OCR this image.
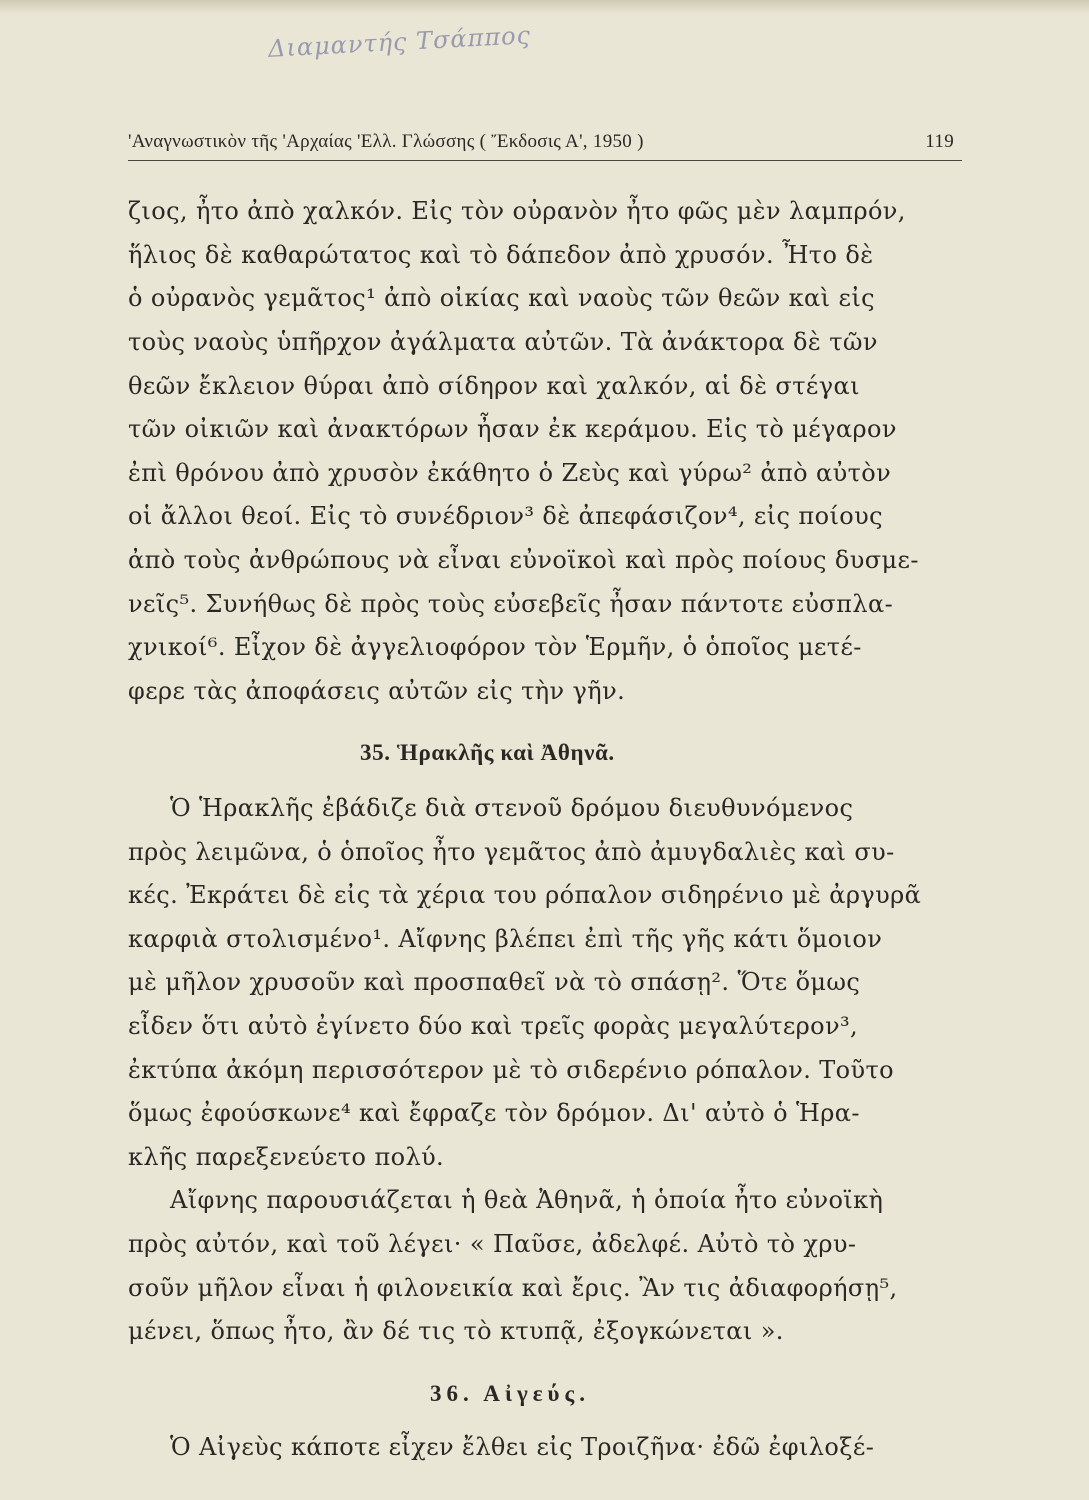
Διαμαντής Τσάππος
'Αναγνωστικὸν τῆς 'Αρχαίας 'Ελλ. Γλώσσης ( Ἔκδοσις Α', 1950 )	119
ζιος, ἦτο ἀπὸ χαλκόν. Εἰς τὸν οὐρανὸν ἦτο φῶς μὲν λαμπρόν,
ἥλιος δὲ καθαρώτατος καὶ τὸ δάπεδον ἀπὸ χρυσόν. Ἦτο δὲ
ὁ οὐρανὸς γεμᾶτος¹ ἀπὸ οἰκίας καὶ ναοὺς τῶν θεῶν καὶ εἰς
τοὺς ναοὺς ὑπῆρχον ἀγάλματα αὐτῶν. Τὰ ἀνάκτορα δὲ τῶν
θεῶν ἔκλειον θύραι ἀπὸ σίδηρον καὶ χαλκόν, αἱ δὲ στέγαι
τῶν οἰκιῶν καὶ ἀνακτόρων ἦσαν ἐκ κεράμου. Εἰς τὸ μέγαρον
ἐπὶ θρόνου ἀπὸ χρυσὸν ἐκάθητο ὁ Ζεὺς καὶ γύρω² ἀπὸ αὐτὸν
οἱ ἄλλοι θεοί. Εἰς τὸ συνέδριον³ δὲ ἀπεφάσιζον⁴, εἰς ποίους
ἀπὸ τοὺς ἀνθρώπους νὰ εἶναι εὐνοϊκοὶ καὶ πρὸς ποίους δυσμε-
νεῖς⁵. Συνήθως δὲ πρὸς τοὺς εὐσεβεῖς ἦσαν πάντοτε εὐσπλα-
χνικοί⁶. Εἶχον δὲ ἀγγελιοφόρον τὸν Ἑρμῆν, ὁ ὁποῖος μετέ-
φερε τὰς ἀποφάσεις αὐτῶν εἰς τὴν γῆν.
35. Ἡρακλῆς καὶ Ἀθηνᾶ.
Ὁ Ἡρακλῆς ἐβάδιζε διὰ στενοῦ δρόμου διευθυνόμενος
πρὸς λειμῶνα, ὁ ὁποῖος ἦτο γεμᾶτος ἀπὸ ἀμυγδαλιὲς καὶ συ-
κές. Ἐκράτει δὲ εἰς τὰ χέρια του ρόπαλον σιδηρένιο μὲ ἀργυρᾶ
καρφιὰ στολισμένο¹. Αἴφνης βλέπει ἐπὶ τῆς γῆς κάτι ὅμοιον
μὲ μῆλον χρυσοῦν καὶ προσπαθεῖ νὰ τὸ σπάσῃ². Ὅτε ὅμως
εἶδεν ὅτι αὐτὸ ἐγίνετο δύο καὶ τρεῖς φορὰς μεγαλύτερον³,
ἐκτύπα ἀκόμη περισσότερον μὲ τὸ σιδερένιο ρόπαλον. Τοῦτο
ὅμως ἐφούσκωνε⁴ καὶ ἔφραζε τὸν δρόμον. Δι' αὐτὸ ὁ Ἡρα-
κλῆς παρεξενεύετο πολύ.
Αἴφνης παρουσιάζεται ἡ θεὰ Ἀθηνᾶ, ἡ ὁποία ἦτο εὐνοϊκὴ
πρὸς αὐτόν, καὶ τοῦ λέγει· « Παῦσε, ἀδελφέ. Αὐτὸ τὸ χρυ-
σοῦν μῆλον εἶναι ἡ φιλονεικία καὶ ἔρις. Ἂν τις ἀδιαφορήσῃ⁵,
μένει, ὅπως ἦτο, ἂν δέ τις τὸ κτυπᾷ, ἐξογκώνεται ».
36. Αἰγεύς.
Ὁ Αἰγεὺς κάποτε εἶχεν ἔλθει εἰς Τροιζῆνα· ἐδῶ ἐφιλοξέ-
